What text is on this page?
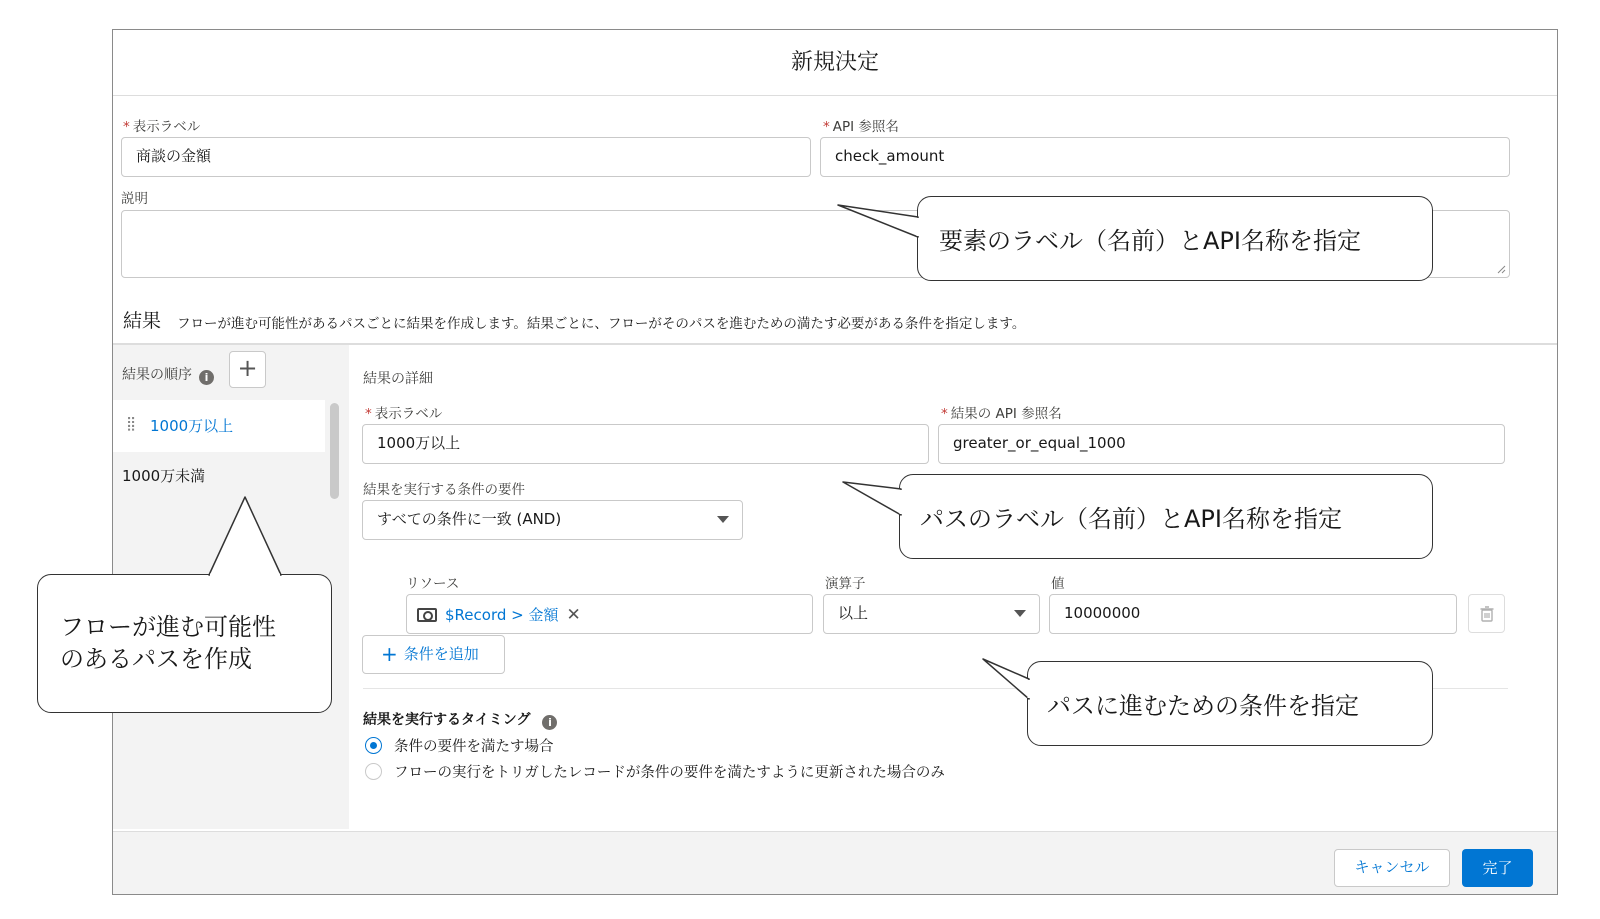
新規決定
* 表示ラベル
商談の金額
* API 参照名
check_amount
説明
結果 フローが進む可能性があるパスごとに結果を作成します。結果ごとに、フローがそのパスを進むための満たす必要がある条件を指定します。
結果の順序 i	+
⣿ 1000万以上
1000万未満
結果の詳細
* 表示ラベル
1000万以上
* 結果の API 参照名
greater_or_equal_1000
結果を実行する条件の要件
すべての条件に一致 (AND)
リソース
$Record > 金額 ✕
演算子
以上
値
10000000
+ 条件を追加
結果を実行するタイミング i
条件の要件を満たす場合
フローの実行をトリガしたレコードが条件の要件を満たすように更新された場合のみ
キャンセル	完了
要素のラベル（名前）とAPI名称を指定
パスのラベル（名前）とAPI名称を指定
パスに進むための条件を指定
フローが進む可能性
のあるパスを作成
